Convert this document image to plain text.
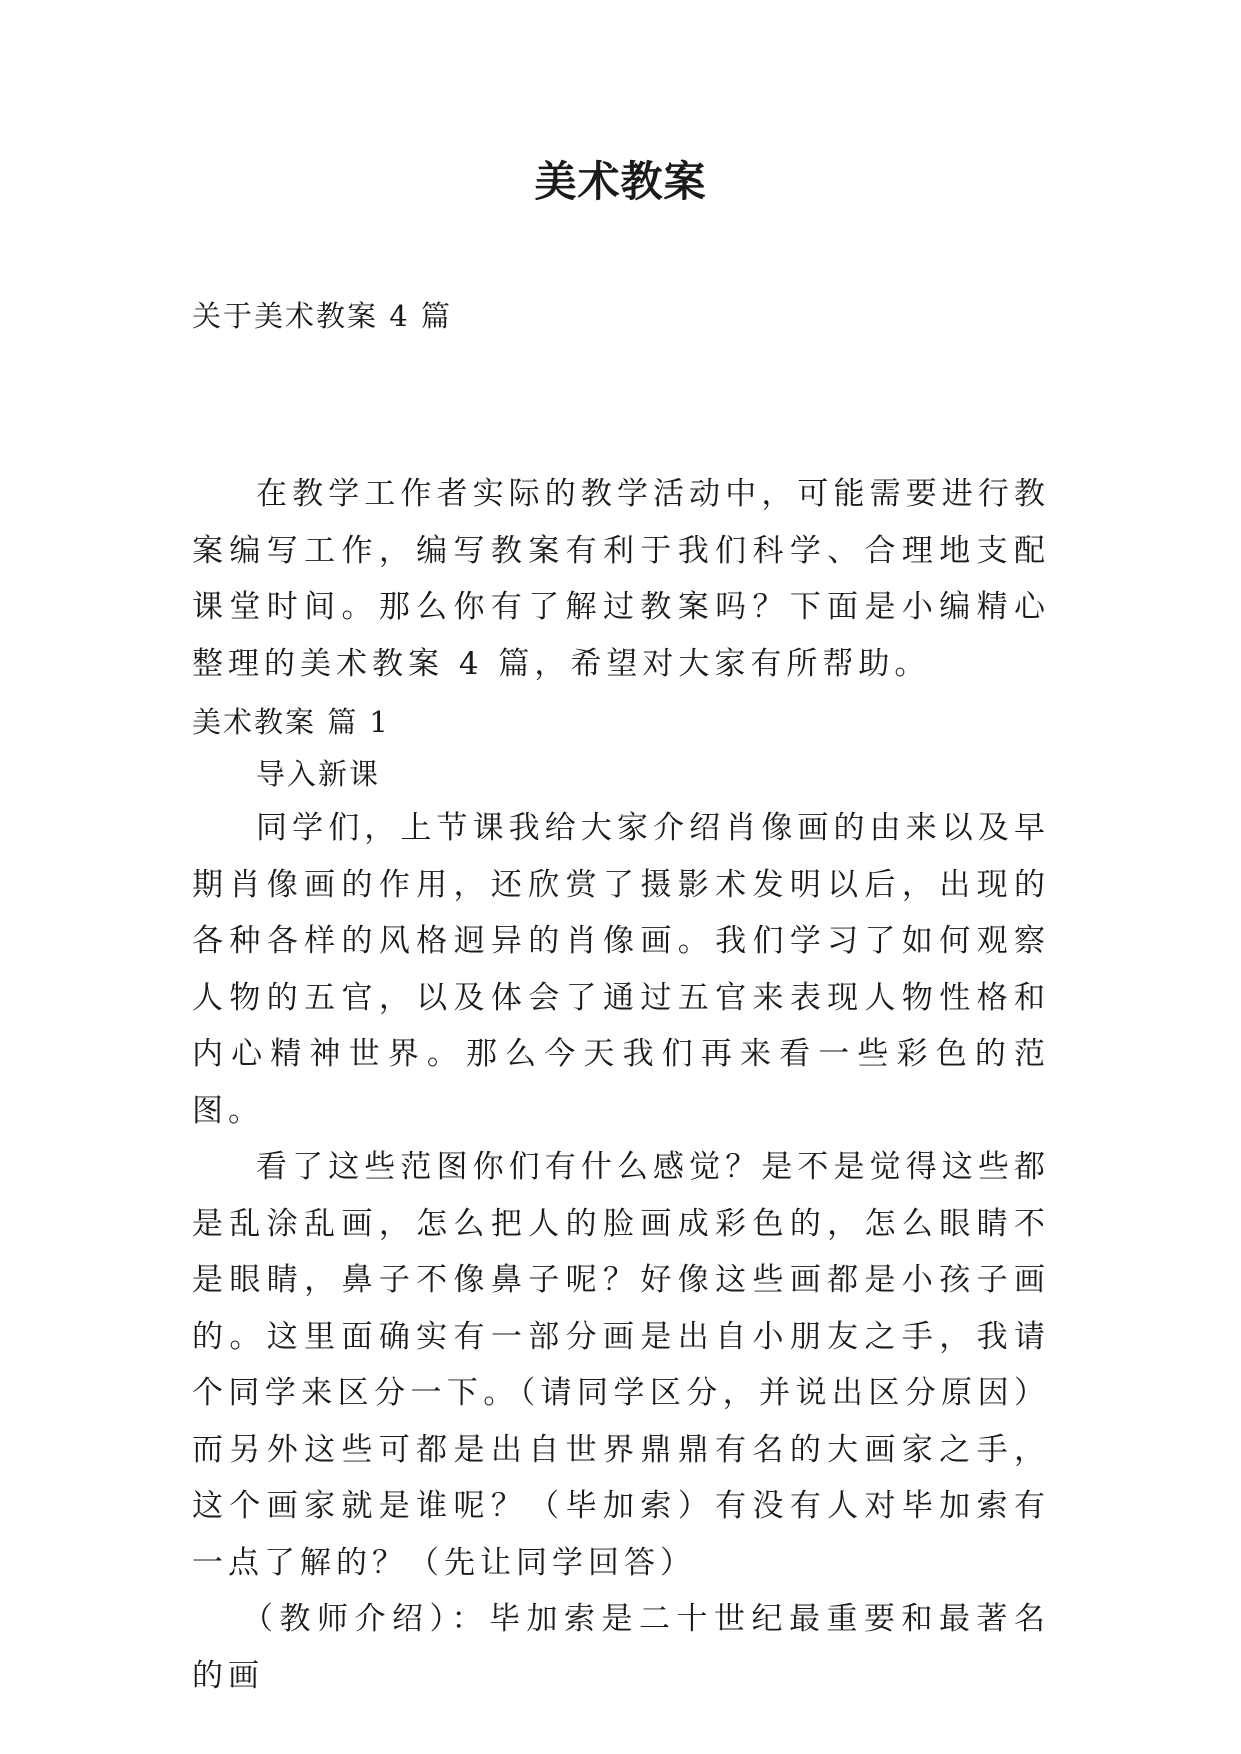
美术教案
关于美术教案 4 篇

在教学工作者实际的教学活动中，可能需要进行教案编写工作，编写教案有利于我们科学、合理地支配课堂时间。那么你有了解过教案吗？下面是小编精心整理的美术教案 4 篇，希望对大家有所帮助。

美术教案 篇 1

导入新课

同学们，上节课我给大家介绍肖像画的由来以及早期肖像画的作用，还欣赏了摄影术发明以后，出现的各种各样的风格迥异的肖像画。我们学习了如何观察人物的五官，以及体会了通过五官来表现人物性格和内心精神世界。那么今天我们再来看一些彩色的范图。

看了这些范图你们有什么感觉？是不是觉得这些都是乱涂乱画，怎么把人的脸画成彩色的，怎么眼睛不是眼睛，鼻子不像鼻子呢？好像这些画都是小孩子画的。这里面确实有一部分画是出自小朋友之手，我请个同学来区分一下。（请同学区分，并说出区分原因）而另外这些可都是出自世界鼎鼎有名的大画家之手，这个画家就是谁呢？（毕加索）有没有人对毕加索有一点了解的？（先让同学回答）

（教师介绍）：毕加索是二十世纪最重要和最著名的画
